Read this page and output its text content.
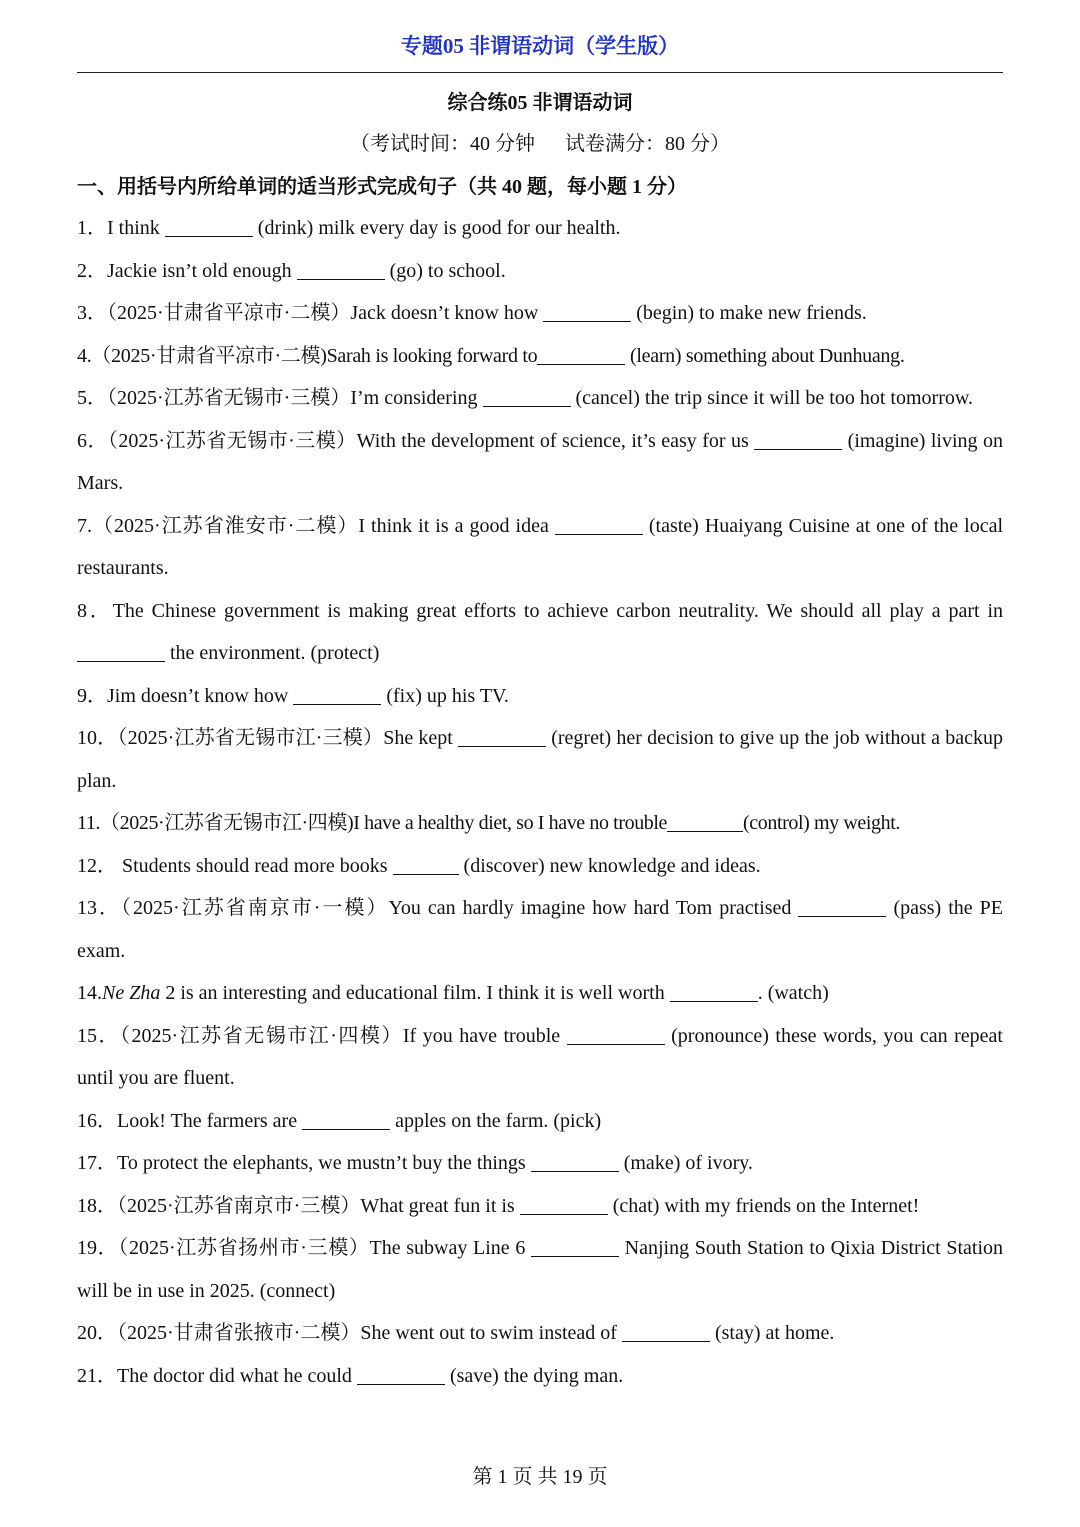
专题05 非谓语动词（学生版）
综合练05 非谓语动词
（考试时间：40 分钟      试卷满分：80 分）
一、用括号内所给单词的适当形式完成句子（共 40 题，每小题 1 分）

1．I think	(drink) milk every day is good for our health.

2．Jackie isn’t old enough	(go) to school.

3．（2025·甘肃省平凉市·二模）Jack doesn’t know how	(begin) to make new friends.

4.（2025·甘肃省平凉市·二模)Sarah is looking forward to	(learn) something about Dunhuang.

5．（2025·江苏省无锡市·三模）I’m considering	(cancel) the trip since it will be too hot tomorrow.

6．（2025·江苏省无锡市·三模）With the development of science, it’s easy for us	(imagine) living on Mars.

7.（2025·江苏省淮安市·二模）I think it is a good idea	(taste) Huaiyang Cuisine at one of the local restaurants.

8．The Chinese government is making great efforts to achieve carbon neutrality. We should all play a part in  the environment. (protect)

9．Jim doesn’t know how	(fix) up his TV.

10．（2025·江苏省无锡市江·三模）She kept	(regret) her decision to give up the job without a backup plan.

11.（2025·江苏省无锡市江·四模)I have a healthy diet, so I have no trouble	(control) my weight.

12． Students should read more books	(discover) new knowledge and ideas.

13．（2025·江苏省南京市·一模）You can hardly imagine how hard Tom practised	(pass) the PE exam.

14.Ne Zha 2 is an interesting and educational film. I think it is well worth	. (watch)

15．（2025·江苏省无锡市江·四模）If you have trouble	(pronounce) these words, you can repeat until you are fluent.

16．Look! The farmers are	apples on the farm. (pick)

17．To protect the elephants, we mustn’t buy the things	(make) of ivory.

18．（2025·江苏省南京市·三模）What great fun it is	(chat) with my friends on the Internet!

19．（2025·江苏省扬州市·三模）The subway Line 6	Nanjing South Station to Qixia District Station will be in use in 2025. (connect)

20．（2025·甘肃省张掖市·二模）She went out to swim instead of	(stay) at home.

21．The doctor did what he could	(save) the dying man.

第 1 页 共 19 页
